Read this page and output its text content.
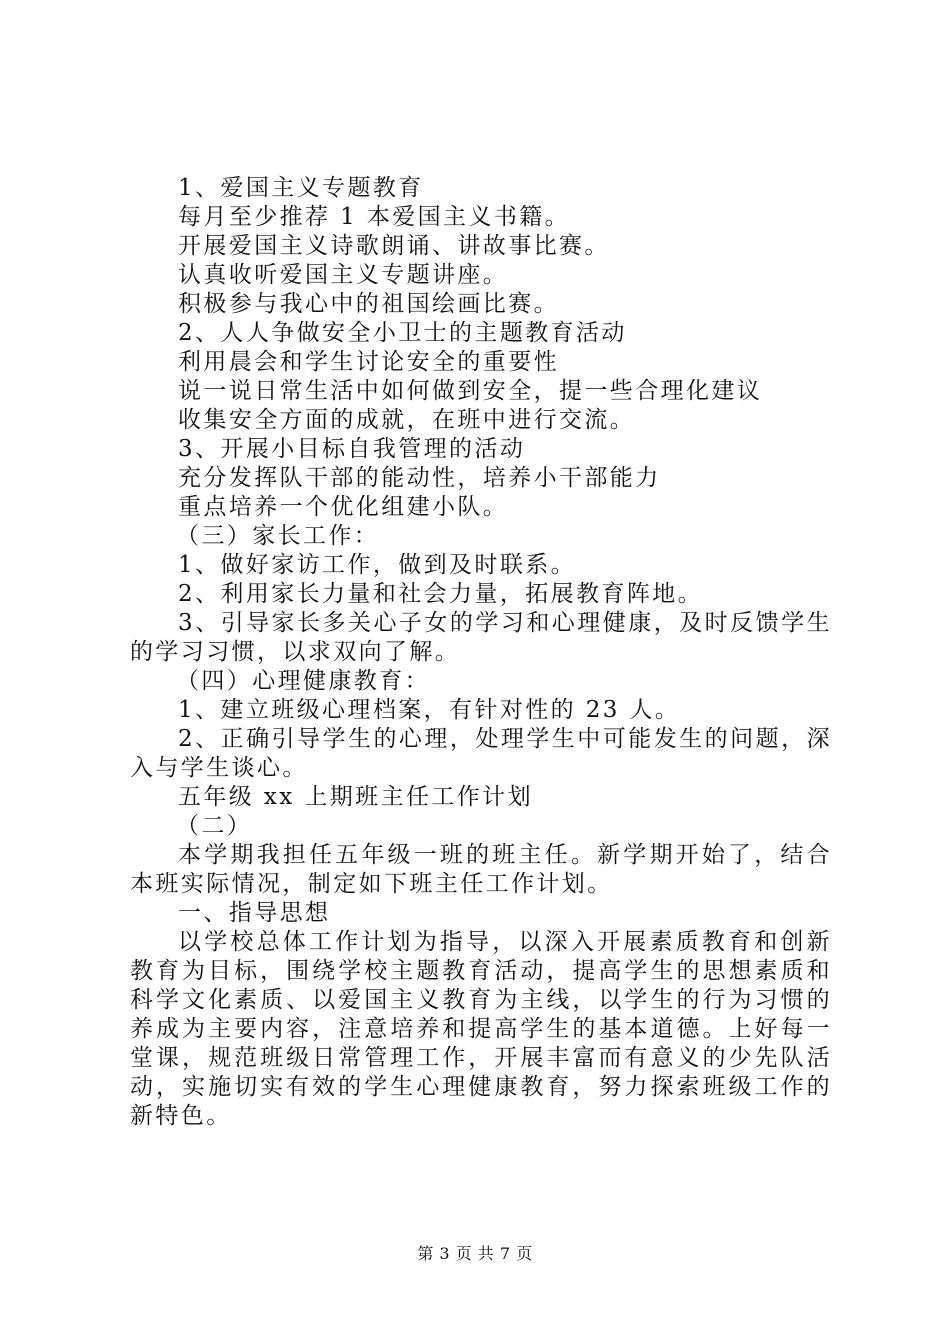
1、爱国主义专题教育
每月至少推荐 1 本爱国主义书籍。
开展爱国主义诗歌朗诵、讲故事比赛。
认真收听爱国主义专题讲座。
积极参与我心中的祖国绘画比赛。
2、人人争做安全小卫士的主题教育活动
利用晨会和学生讨论安全的重要性
说一说日常生活中如何做到安全，提一些合理化建议
收集安全方面的成就，在班中进行交流。
3、开展小目标自我管理的活动
充分发挥队干部的能动性，培养小干部能力
重点培养一个优化组建小队。
（三）家长工作：
1、做好家访工作，做到及时联系。
2、利用家长力量和社会力量，拓展教育阵地。
3、引导家长多关心子女的学习和心理健康，及时反馈学生的学习习惯，以求双向了解。
（四）心理健康教育：
1、建立班级心理档案，有针对性的 23 人。
2、正确引导学生的心理，处理学生中可能发生的问题，深入与学生谈心。
五年级 xx 上期班主任工作计划
（二）
本学期我担任五年级一班的班主任。新学期开始了，结合本班实际情况，制定如下班主任工作计划。
一、指导思想
以学校总体工作计划为指导，以深入开展素质教育和创新教育为目标，围绕学校主题教育活动，提高学生的思想素质和科学文化素质、以爱国主义教育为主线，以学生的行为习惯的养成为主要内容，注意培养和提高学生的基本道德。上好每一堂课，规范班级日常管理工作，开展丰富而有意义的少先队活动，实施切实有效的学生心理健康教育，努力探索班级工作的新特色。
第 3 页 共 7 页
